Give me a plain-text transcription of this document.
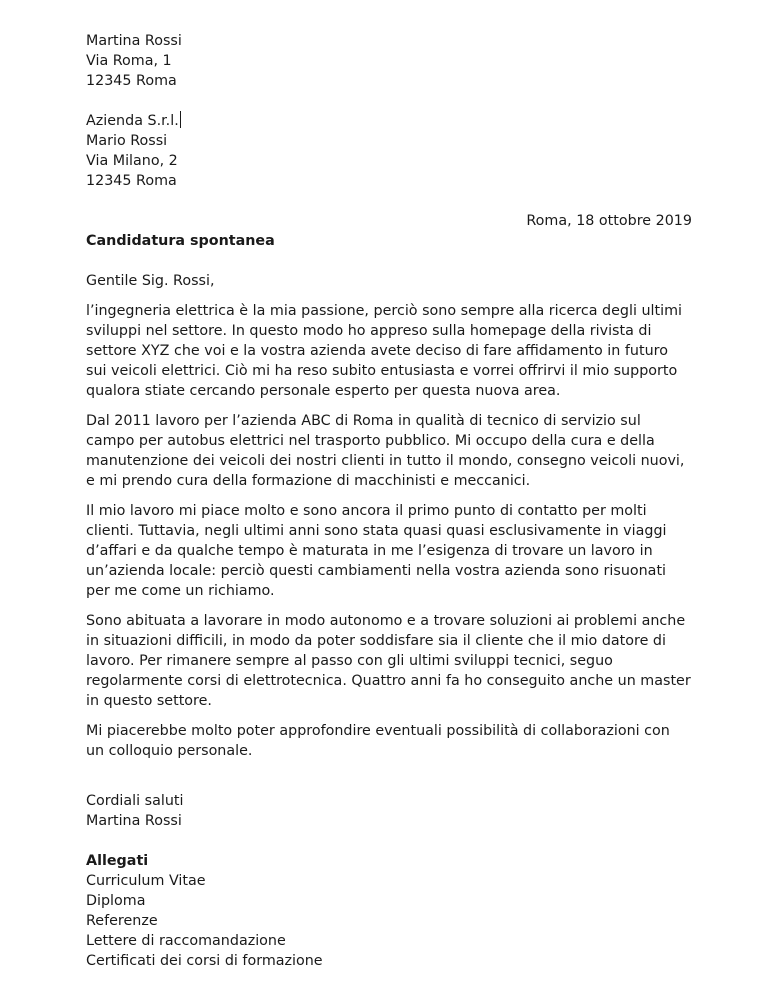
Martina Rossi
Via Roma, 1
12345 Roma
Azienda S.r.l.
Mario Rossi
Via Milano, 2
12345 Roma
Roma, 18 ottobre 2019
Candidatura spontanea

Gentile Sig. Rossi,

l’ingegneria elettrica è la mia passione, perciò sono sempre alla ricerca degli ultimi sviluppi nel settore. In questo modo ho appreso sulla homepage della rivista di settore XYZ che voi e la vostra azienda avete deciso di fare affidamento in futuro sui veicoli elettrici. Ciò mi ha reso subito entusiasta e vorrei offrirvi il mio supporto qualora stiate cercando personale esperto per questa nuova area.

Dal 2011 lavoro per l’azienda ABC di Roma in qualità di tecnico di servizio sul campo per autobus elettrici nel trasporto pubblico. Mi occupo della cura e della manutenzione dei veicoli dei nostri clienti in tutto il mondo, consegno veicoli nuovi, e mi prendo cura della formazione di macchinisti e meccanici.

Il mio lavoro mi piace molto e sono ancora il primo punto di contatto per molti clienti. Tuttavia, negli ultimi anni sono stata quasi quasi esclusivamente in viaggi d’affari e da qualche tempo è maturata in me l’esigenza di trovare un lavoro in un’azienda locale: perciò questi cambiamenti nella vostra azienda sono risuonati per me come un richiamo.

Sono abituata a lavorare in modo autonomo e a trovare soluzioni ai problemi anche in situazioni difficili, in modo da poter soddisfare sia il cliente che il mio datore di lavoro. Per rimanere sempre al passo con gli ultimi sviluppi tecnici, seguo regolarmente corsi di elettrotecnica. Quattro anni fa ho conseguito anche un master in questo settore.

Mi piacerebbe molto poter approfondire eventuali possibilità di collaborazioni con un colloquio personale.

Cordiali saluti
Martina Rossi
Allegati
Curriculum Vitae
Diploma
Referenze
Lettere di raccomandazione
Certificati dei corsi di formazione
